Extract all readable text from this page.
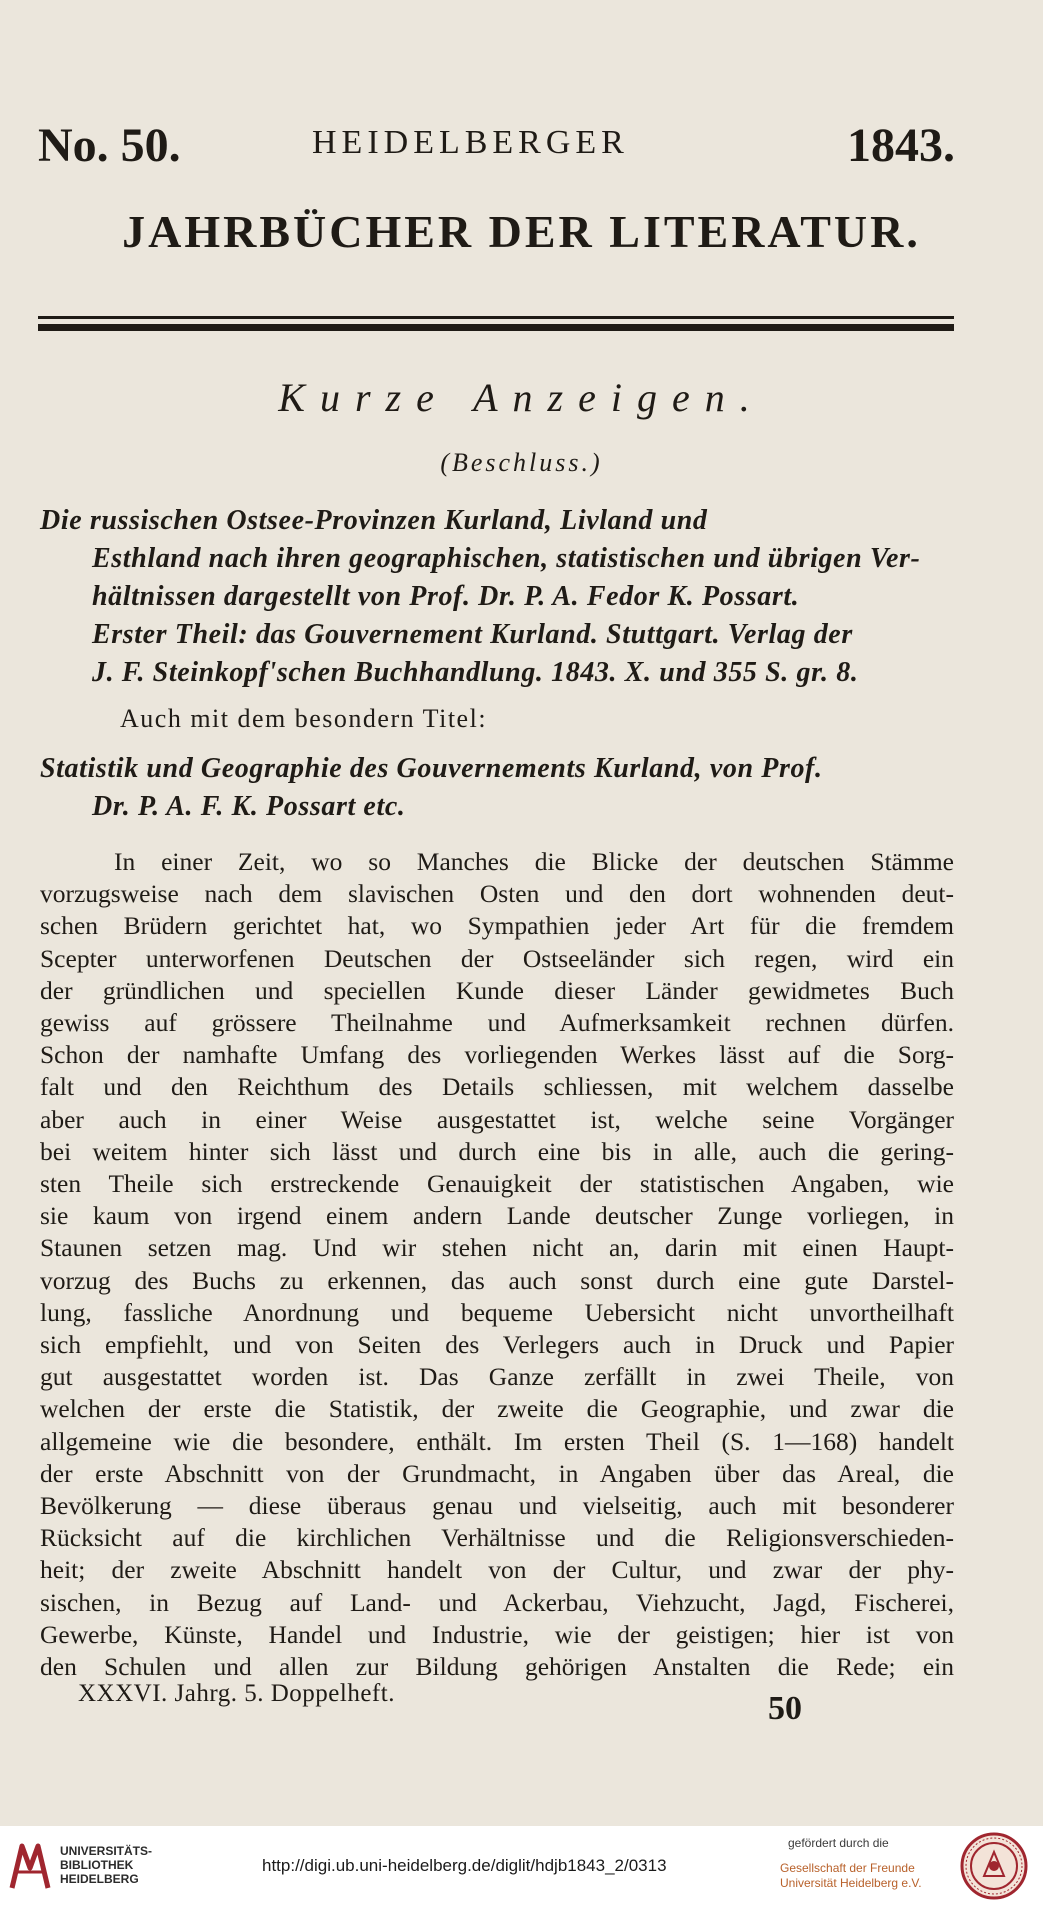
No. 50.	HEIDELBERGER	1843.
JAHRBÜCHER DER LITERATUR.
Kurze Anzeigen.
(Beschluss.)
Die russischen Ostsee-Provinzen Kurland, Livland und
Esthland nach ihren geographischen, statistischen und übrigen Ver-
hältnissen dargestellt von Prof. Dr. P. A. Fedor K. Possart.
Erster Theil: das Gouvernement Kurland. Stuttgart. Verlag der
J. F. Steinkopf'schen Buchhandlung. 1843. X. und 355 S. gr. 8.
Auch mit dem besondern Titel:
Statistik und Geographie des Gouvernements Kurland, von Prof.
Dr. P. A. F. K. Possart etc.
In einer Zeit, wo so Manches die Blicke der deutschen Stämme
vorzugsweise nach dem slavischen Osten und den dort wohnenden deut-
schen Brüdern gerichtet hat, wo Sympathien jeder Art für die fremdem
Scepter unterworfenen Deutschen der Ostseeländer sich regen, wird ein
der gründlichen und speciellen Kunde dieser Länder gewidmetes Buch
gewiss auf grössere Theilnahme und Aufmerksamkeit rechnen dürfen.
Schon der namhafte Umfang des vorliegenden Werkes lässt auf die Sorg-
falt und den Reichthum des Details schliessen, mit welchem dasselbe
aber auch in einer Weise ausgestattet ist, welche seine Vorgänger
bei weitem hinter sich lässt und durch eine bis in alle, auch die gering-
sten Theile sich erstreckende Genauigkeit der statistischen Angaben, wie
sie kaum von irgend einem andern Lande deutscher Zunge vorliegen, in
Staunen setzen mag. Und wir stehen nicht an, darin mit einen Haupt-
vorzug des Buchs zu erkennen, das auch sonst durch eine gute Darstel-
lung, fassliche Anordnung und bequeme Uebersicht nicht unvortheilhaft
sich empfiehlt, und von Seiten des Verlegers auch in Druck und Papier
gut ausgestattet worden ist. Das Ganze zerfällt in zwei Theile, von
welchen der erste die Statistik, der zweite die Geographie, und zwar die
allgemeine wie die besondere, enthält. Im ersten Theil (S. 1—168) handelt
der erste Abschnitt von der Grundmacht, in Angaben über das Areal, die
Bevölkerung — diese überaus genau und vielseitig, auch mit besonderer
Rücksicht auf die kirchlichen Verhältnisse und die Religionsverschieden-
heit; der zweite Abschnitt handelt von der Cultur, und zwar der phy-
sischen, in Bezug auf Land- und Ackerbau, Viehzucht, Jagd, Fischerei,
Gewerbe, Künste, Handel und Industrie, wie der geistigen; hier ist von
den Schulen und allen zur Bildung gehörigen Anstalten die Rede; ein
XXXVI. Jahrg. 5. Doppelheft.	50
UNIVERSITÄTS-
BIBLIOTHEK
HEIDELBERG
http://digi.ub.uni-heidelberg.de/diglit/hdjb1843_2/0313
gefördert durch die
Gesellschaft der Freunde
Universität Heidelberg e.V.
